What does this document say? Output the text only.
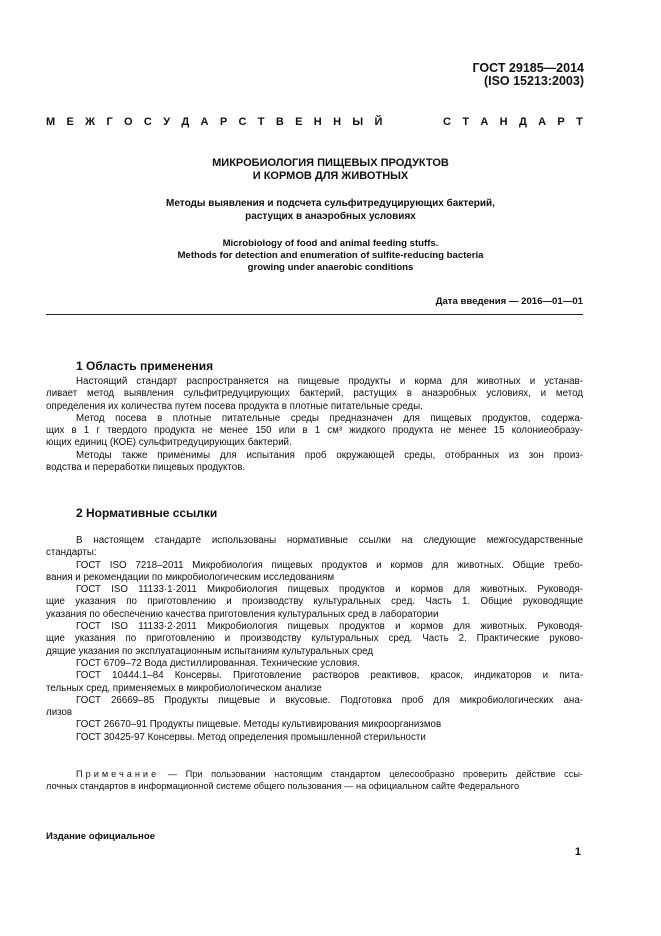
ГОСТ 29185—2014
(ISO 15213:2003)
М Е Ж Г О С У Д А Р С Т В Е Н Н Ы Й	С Т А Н Д А Р Т
МИКРОБИОЛОГИЯ ПИЩЕВЫХ ПРОДУКТОВ
И КОРМОВ ДЛЯ ЖИВОТНЫХ
Методы выявления и подсчета сульфитредуцирующих бактерий,
растущих в анаэробных условиях
Microbiology of food and animal feeding stuffs.
Methods for detection and enumeration of sulfite-reducing bacteria
growing under anaerobic conditions
Дата введения — 2016—01—01
1 Область применения
Настоящий стандарт распространяется на пищевые продукты и корма для животных и устанав-
ливает метод выявления сульфитредуцирующих бактерий, растущих в анаэробных условиях, и метод
определения их количества путем посева продукта в плотные питательные среды.
Метод посева в плотные питательные среды предназначен для пищевых продуктов, содержа-
щих в 1 г твердого продукта не менее 150 или в 1 см³ жидкого продукта не менее 15 колониеобразу-
ющих единиц (КОЕ) сульфитредуцирующих бактерий.
Методы также применимы для испытания проб окружающей среды, отобранных из зон произ-
водства и переработки пищевых продуктов.
2 Нормативные ссылки
В настоящем стандарте использованы нормативные ссылки на следующие межгосударственные
стандарты:
ГОСТ ISO 7218–2011 Микробиология пищевых продуктов и кормов для животных. Общие требо-
вания и рекомендации по микробиологическим исследованиям
ГОСТ ISO 11133·1·2011 Микробиология пищевых продуктов и кормов для животных. Руководя-
щие указания по приготовлению и производству культуральных сред. Часть 1. Общие руководящие
указания по обеспечению качества приготовления культуральных сред в лаборатории
ГОСТ ISO 11133·2·2011 Микробиология пищевых продуктов и кормов для животных. Руководя-
щие указания по приготовлению и производству культуральных сред. Часть 2. Практические руково-
дящие указания по эксплуатационным испытаниям культуральных сред
ГОСТ 6709–72 Вода дистиллированная. Технические условия.
ГОСТ 10444.1–84 Консервы. Приготовление растворов реактивов, красок, индикаторов и пита-
тельных сред, применяемых в микробиологическом анализе
ГОСТ 26669–85 Продукты пищевые и вкусовые. Подготовка проб для микробиологических ана-
лизов
ГОСТ 26670–91 Продукты пищевые. Методы культивирования микроорганизмов
ГОСТ 30425-97 Консервы. Метод определения промышленной стерильности
Примечание — При пользовании настоящим стандартом целесообразно проверить действие ссы-
лочных стандартов в информационной системе общего пользования — на официальном сайте Федерального
Издание официальное
1
